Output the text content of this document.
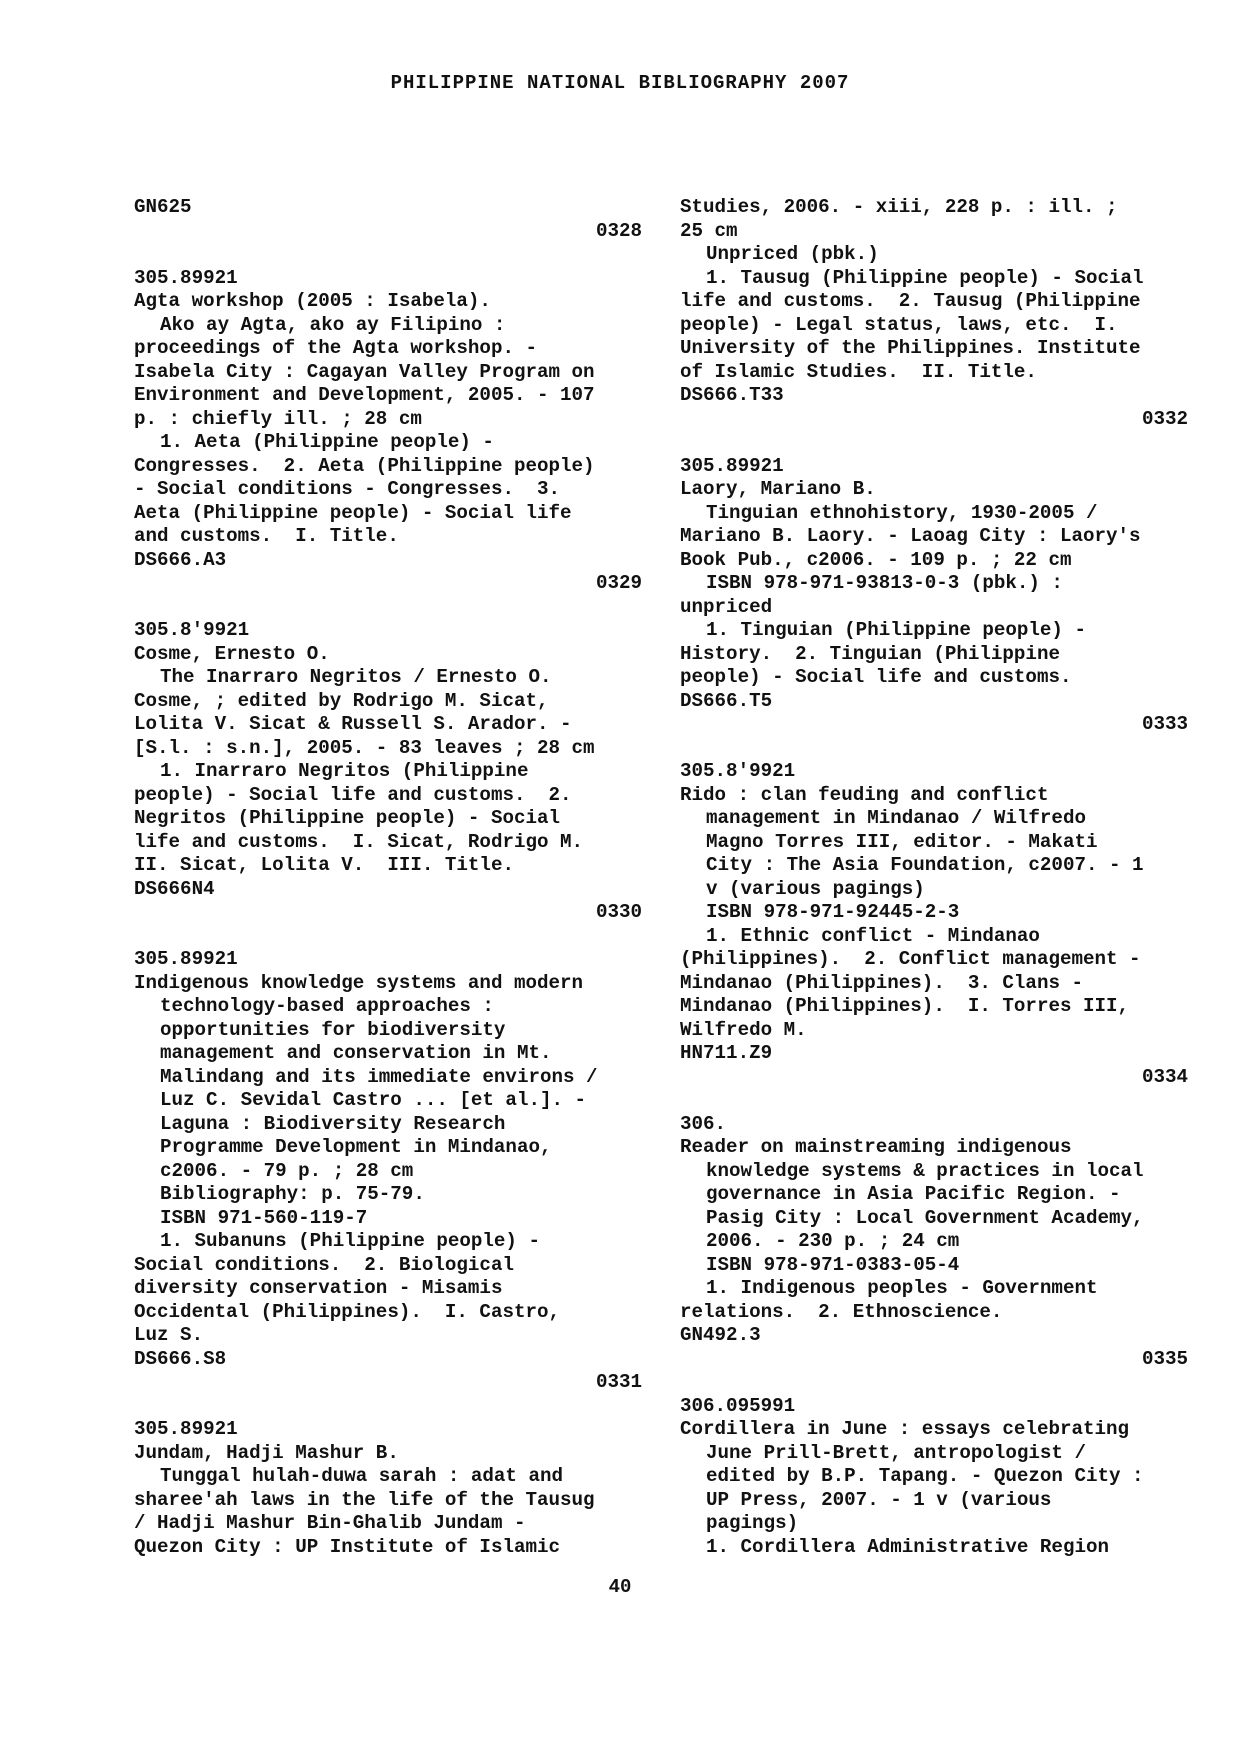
PHILIPPINE NATIONAL BIBLIOGRAPHY 2007
GN625
0328
305.89921
Agta workshop (2005 : Isabela).
Ako ay Agta, ako ay Filipino :
proceedings of the Agta workshop. -
Isabela City : Cagayan Valley Program on
Environment and Development, 2005. - 107
p. : chiefly ill. ; 28 cm
1. Aeta (Philippine people) -
Congresses.  2. Aeta (Philippine people)
- Social conditions - Congresses.  3.
Aeta (Philippine people) - Social life
and customs.  I. Title.
DS666.A3
0329
305.8'9921
Cosme, Ernesto O.
The Inarraro Negritos / Ernesto O.
Cosme, ; edited by Rodrigo M. Sicat,
Lolita V. Sicat & Russell S. Arador. -
[S.l. : s.n.], 2005. - 83 leaves ; 28 cm
1. Inarraro Negritos (Philippine
people) - Social life and customs.  2.
Negritos (Philippine people) - Social
life and customs.  I. Sicat, Rodrigo M.
II. Sicat, Lolita V.  III. Title.
DS666N4
0330
305.89921
Indigenous knowledge systems and modern
technology-based approaches :
opportunities for biodiversity
management and conservation in Mt.
Malindang and its immediate environs /
Luz C. Sevidal Castro ... [et al.]. -
Laguna : Biodiversity Research
Programme Development in Mindanao,
c2006. - 79 p. ; 28 cm
Bibliography: p. 75-79.
ISBN 971-560-119-7
1. Subanuns (Philippine people) -
Social conditions.  2. Biological
diversity conservation - Misamis
Occidental (Philippines).  I. Castro,
Luz S.
DS666.S8
0331
305.89921
Jundam, Hadji Mashur B.
Tunggal hulah-duwa sarah : adat and
sharee'ah laws in the life of the Tausug
/ Hadji Mashur Bin-Ghalib Jundam -
Quezon City : UP Institute of Islamic
Studies, 2006. - xiii, 228 p. : ill. ;
25 cm
Unpriced (pbk.)
1. Tausug (Philippine people) - Social
life and customs.  2. Tausug (Philippine
people) - Legal status, laws, etc.  I.
University of the Philippines. Institute
of Islamic Studies.  II. Title.
DS666.T33
0332
305.89921
Laory, Mariano B.
Tinguian ethnohistory, 1930-2005 /
Mariano B. Laory. - Laoag City : Laory's
Book Pub., c2006. - 109 p. ; 22 cm
ISBN 978-971-93813-0-3 (pbk.) :
unpriced
1. Tinguian (Philippine people) -
History.  2. Tinguian (Philippine
people) - Social life and customs.
DS666.T5
0333
305.8'9921
Rido : clan feuding and conflict
management in Mindanao / Wilfredo
Magno Torres III, editor. - Makati
City : The Asia Foundation, c2007. - 1
v (various pagings)
ISBN 978-971-92445-2-3
1. Ethnic conflict - Mindanao
(Philippines).  2. Conflict management -
Mindanao (Philippines).  3. Clans -
Mindanao (Philippines).  I. Torres III,
Wilfredo M.
HN711.Z9
0334
306.
Reader on mainstreaming indigenous
knowledge systems & practices in local
governance in Asia Pacific Region. -
Pasig City : Local Government Academy,
2006. - 230 p. ; 24 cm
ISBN 978-971-0383-05-4
1. Indigenous peoples - Government
relations.  2. Ethnoscience.
GN492.3
0335
306.095991
Cordillera in June : essays celebrating
June Prill-Brett, antropologist /
edited by B.P. Tapang. - Quezon City :
UP Press, 2007. - 1 v (various
pagings)
1. Cordillera Administrative Region
40
